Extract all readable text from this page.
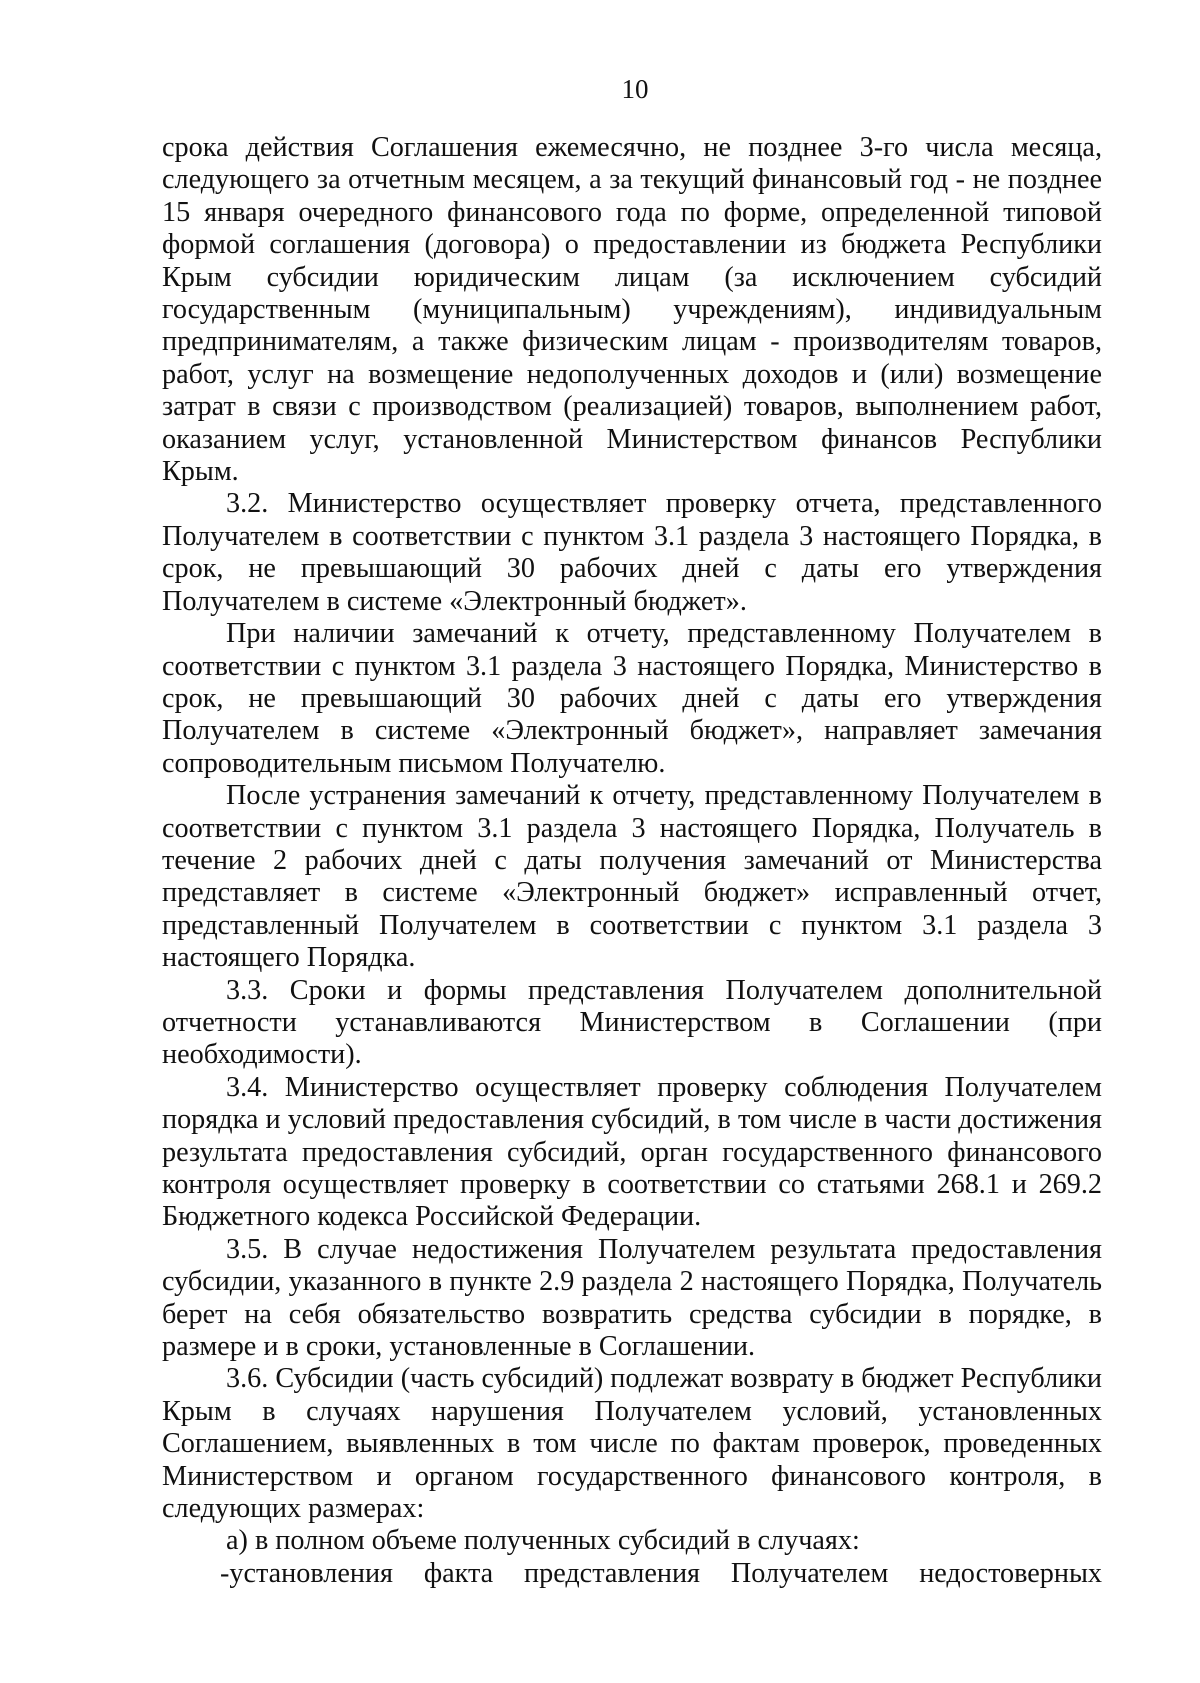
10

срока действия Соглашения ежемесячно, не позднее 3-го числа месяца, следующего за отчетным месяцем, а за текущий финансовый год - не позднее 15 января очередного финансового года по форме, определенной типовой формой соглашения (договора) о предоставлении из бюджета Республики Крым субсидии юридическим лицам (за исключением субсидий государственным (муниципальным) учреждениям), индивидуальным предпринимателям, а также физическим лицам - производителям товаров, работ, услуг на возмещение недополученных доходов и (или) возмещение затрат в связи с производством (реализацией) товаров, выполнением работ, оказанием услуг, установленной Министерством финансов Республики Крым.

3.2. Министерство осуществляет проверку отчета, представленного Получателем в соответствии с пунктом 3.1 раздела 3 настоящего Порядка, в срок, не превышающий 30 рабочих дней с даты его утверждения Получателем в системе «Электронный бюджет».

При наличии замечаний к отчету, представленному Получателем в соответствии с пунктом 3.1 раздела 3 настоящего Порядка, Министерство в срок, не превышающий 30 рабочих дней с даты его утверждения Получателем в системе «Электронный бюджет», направляет замечания сопроводительным письмом Получателю.

После устранения замечаний к отчету, представленному Получателем в соответствии с пунктом 3.1 раздела 3 настоящего Порядка, Получатель в течение 2 рабочих дней с даты получения замечаний от Министерства представляет в системе «Электронный бюджет» исправленный отчет, представленный Получателем в соответствии с пунктом 3.1 раздела 3 настоящего Порядка.

3.3. Сроки и формы представления Получателем дополнительной отчетности устанавливаются Министерством в Соглашении (при необходимости).

3.4. Министерство осуществляет проверку соблюдения Получателем порядка и условий предоставления субсидий, в том числе в части достижения результата предоставления субсидий, орган государственного финансового контроля осуществляет проверку в соответствии со статьями 268.1 и 269.2 Бюджетного кодекса Российской Федерации.

3.5. В случае недостижения Получателем результата предоставления субсидии, указанного в пункте 2.9 раздела 2 настоящего Порядка, Получатель берет на себя обязательство возвратить средства субсидии в порядке, в размере и в сроки, установленные в Соглашении.

3.6. Субсидии (часть субсидий) подлежат возврату в бюджет Республики Крым в случаях нарушения Получателем условий, установленных Соглашением, выявленных в том числе по фактам проверок, проведенных Министерством и органом государственного финансового контроля, в следующих размерах:

а) в полном объеме полученных субсидий в случаях:

-установления факта представления Получателем недостоверных
